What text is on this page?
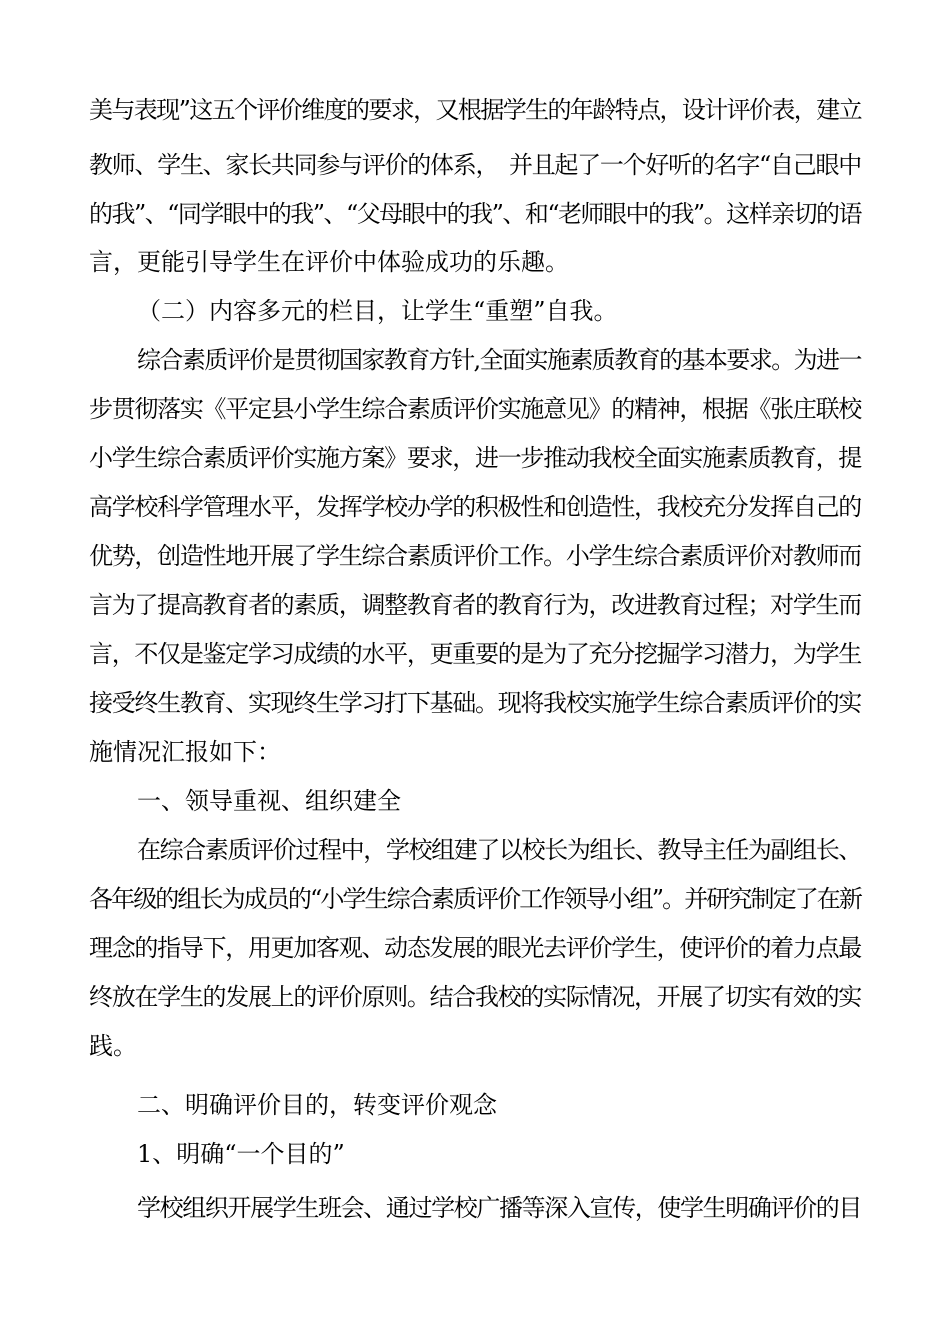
美与表现”这五个评价维度的要求，又根据学生的年龄特点，设计评价表，建立
教师、学生、家长共同参与评价的体系，　并且起了一个好听的名字“自己眼中
的我”、“同学眼中的我”、“父母眼中的我”、和“老师眼中的我”。这样亲切的语
言，更能引导学生在评价中体验成功的乐趣。
（二）内容多元的栏目，让学生“重塑”自我。
综合素质评价是贯彻国家教育方针,全面实施素质教育的基本要求。为进一
步贯彻落实《平定县小学生综合素质评价实施意见》的精神，根据《张庄联校
小学生综合素质评价实施方案》要求，进一步推动我校全面实施素质教育，提
高学校科学管理水平，发挥学校办学的积极性和创造性，我校充分发挥自己的
优势，创造性地开展了学生综合素质评价工作。小学生综合素质评价对教师而
言为了提高教育者的素质，调整教育者的教育行为，改进教育过程；对学生而
言，不仅是鉴定学习成绩的水平，更重要的是为了充分挖掘学习潜力，为学生
接受终生教育、实现终生学习打下基础。现将我校实施学生综合素质评价的实
施情况汇报如下：
一、领导重视、组织建全
在综合素质评价过程中，学校组建了以校长为组长、教导主任为副组长、
各年级的组长为成员的“小学生综合素质评价工作领导小组”。并研究制定了在新
理念的指导下，用更加客观、动态发展的眼光去评价学生，使评价的着力点最
终放在学生的发展上的评价原则。结合我校的实际情况，开展了切实有效的实
践。
二、明确评价目的，转变评价观念
1、明确“一个目的”
学校组织开展学生班会、通过学校广播等深入宣传，使学生明确评价的目
